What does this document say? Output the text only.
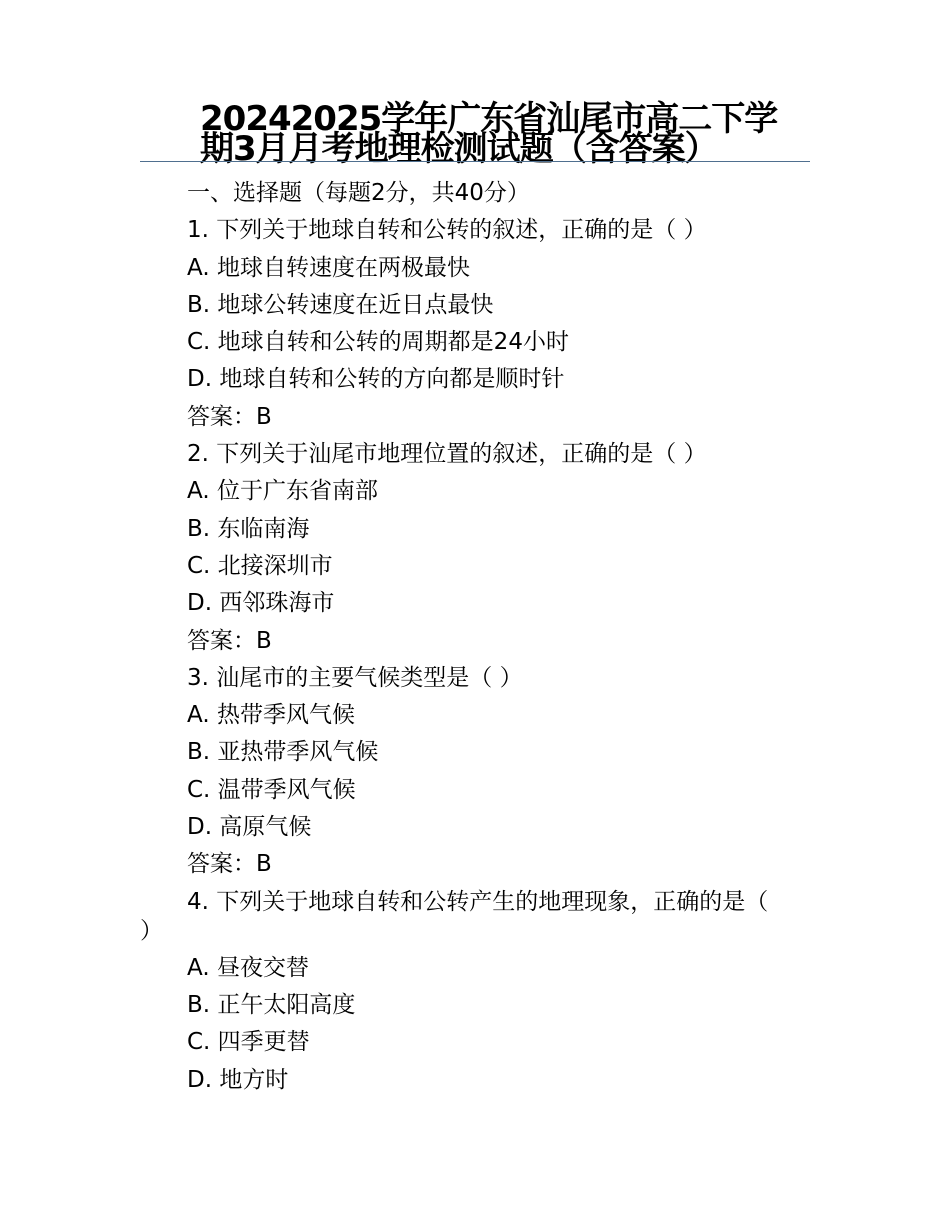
20242025学年广东省汕尾市高二下学
期3月月考地理检测试题（含答案）
一、选择题（每题2分，共40分）
1. 下列关于地球自转和公转的叙述，正确的是（ ）
A. 地球自转速度在两极最快
B. 地球公转速度在近日点最快
C. 地球自转和公转的周期都是24小时
D. 地球自转和公转的方向都是顺时针
答案：B
2. 下列关于汕尾市地理位置的叙述，正确的是（ ）
A. 位于广东省南部
B. 东临南海
C. 北接深圳市
D. 西邻珠海市
答案：B
3. 汕尾市的主要气候类型是（ ）
A. 热带季风气候
B. 亚热带季风气候
C. 温带季风气候
D. 高原气候
答案：B
4. 下列关于地球自转和公转产生的地理现象，正确的是（
）
A. 昼夜交替
B. 正午太阳高度
C. 四季更替
D. 地方时
